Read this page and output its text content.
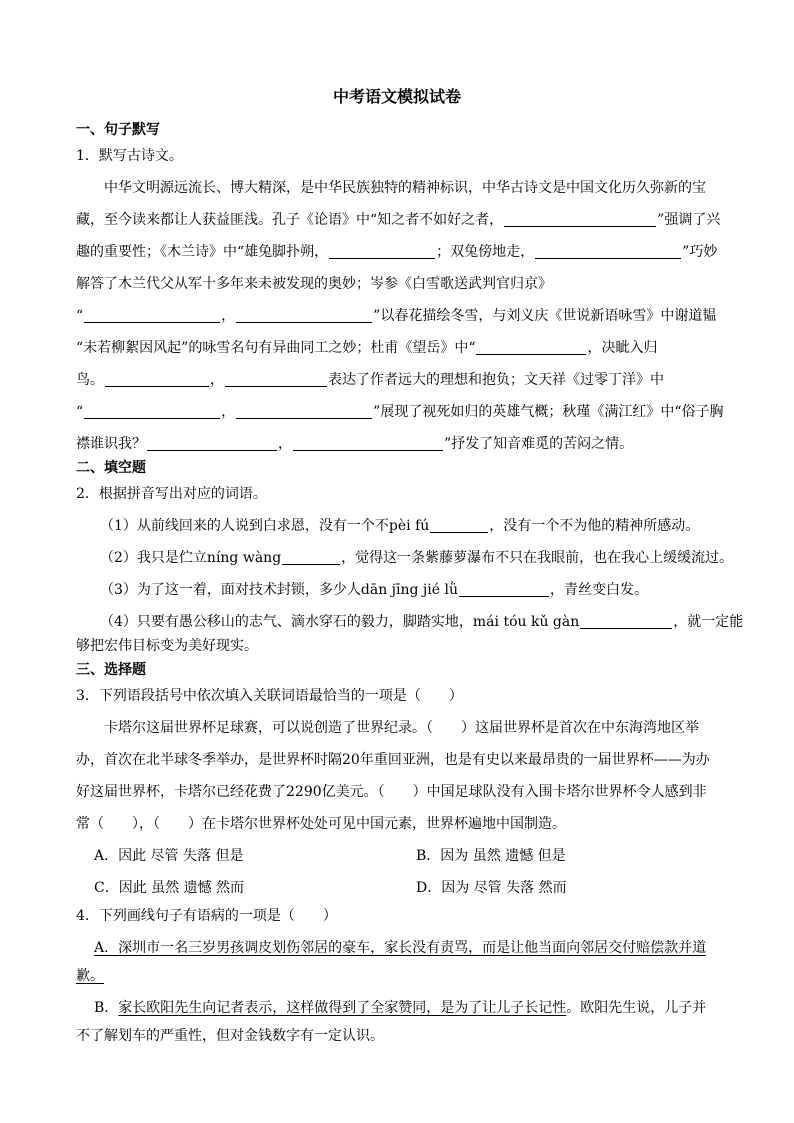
中考语文模拟试卷
一、句子默写
1．默写古诗文。
中华文明源远流长、博大精深，是中华民族独特的精神标识，中华古诗文是中国文化历久弥新的宝
藏，至今读来都让人获益匪浅。孔子《论语》中“知之者不如好之者，	”强调了兴
趣的重要性；《木兰诗》中“雄兔脚扑朔，	；双兔傍地走，	”巧妙
解答了木兰代父从军十多年来未被发现的奥妙；岑参《白雪歌送武判官归京》
“	，	”以春花描绘冬雪，与刘义庆《世说新语咏雪》中谢道韫
“未若柳絮因风起”的咏雪名句有异曲同工之妙；杜甫《望岳》中“	，决眦入归
鸟。	，	表达了作者远大的理想和抱负；文天祥《过零丁洋》中
“	，	”展现了视死如归的英雄气概；秋瑾《满江红》中“俗子胸
襟谁识我？	，	”抒发了知音难觅的苦闷之情。
二、填空题
2．根据拼音写出对应的词语。
（1）从前线回来的人说到白求恩，没有一个不pèi fú	，没有一个不为他的精神所感动。
（2）我只是伫立níng wàng	，觉得这一条紫藤萝瀑布不只在我眼前，也在我心上缓缓流过。
（3）为了这一着，面对技术封锁，多少人dān jīng jié lǜ	，青丝变白发。
（4）只要有愚公移山的志气、滴水穿石的毅力，脚踏实地，mái tóu kǔ gàn	，就一定能
够把宏伟目标变为美好现实。
三、选择题
3．下列语段括号中依次填入关联词语最恰当的一项是（　　）
卡塔尔这届世界杯足球赛，可以说创造了世界纪录。（　　）这届世界杯是首次在中东海湾地区举
办，首次在北半球冬季举办，是世界杯时隔20年重回亚洲，也是有史以来最昂贵的一届世界杯——为办
好这届世界杯，卡塔尔已经花费了2290亿美元。（　　）中国足球队没有入围卡塔尔世界杯令人感到非
常（　　），（　　）在卡塔尔世界杯处处可见中国元素，世界杯遍地中国制造。
A．因此 尽管 失落 但是	B．因为 虽然 遗憾 但是
C．因此 虽然 遗憾 然而	D．因为 尽管 失落 然而
4．下列画线句子有语病的一项是（　　）
A．深圳市一名三岁男孩调皮划伤邻居的豪车，家长没有责骂，而是让他当面向邻居交付赔偿款并道
歉。
B．家长欧阳先生向记者表示，这样做得到了全家赞同，是为了让儿子长记性。欧阳先生说，儿子并
不了解划车的严重性，但对金钱数字有一定认识。
